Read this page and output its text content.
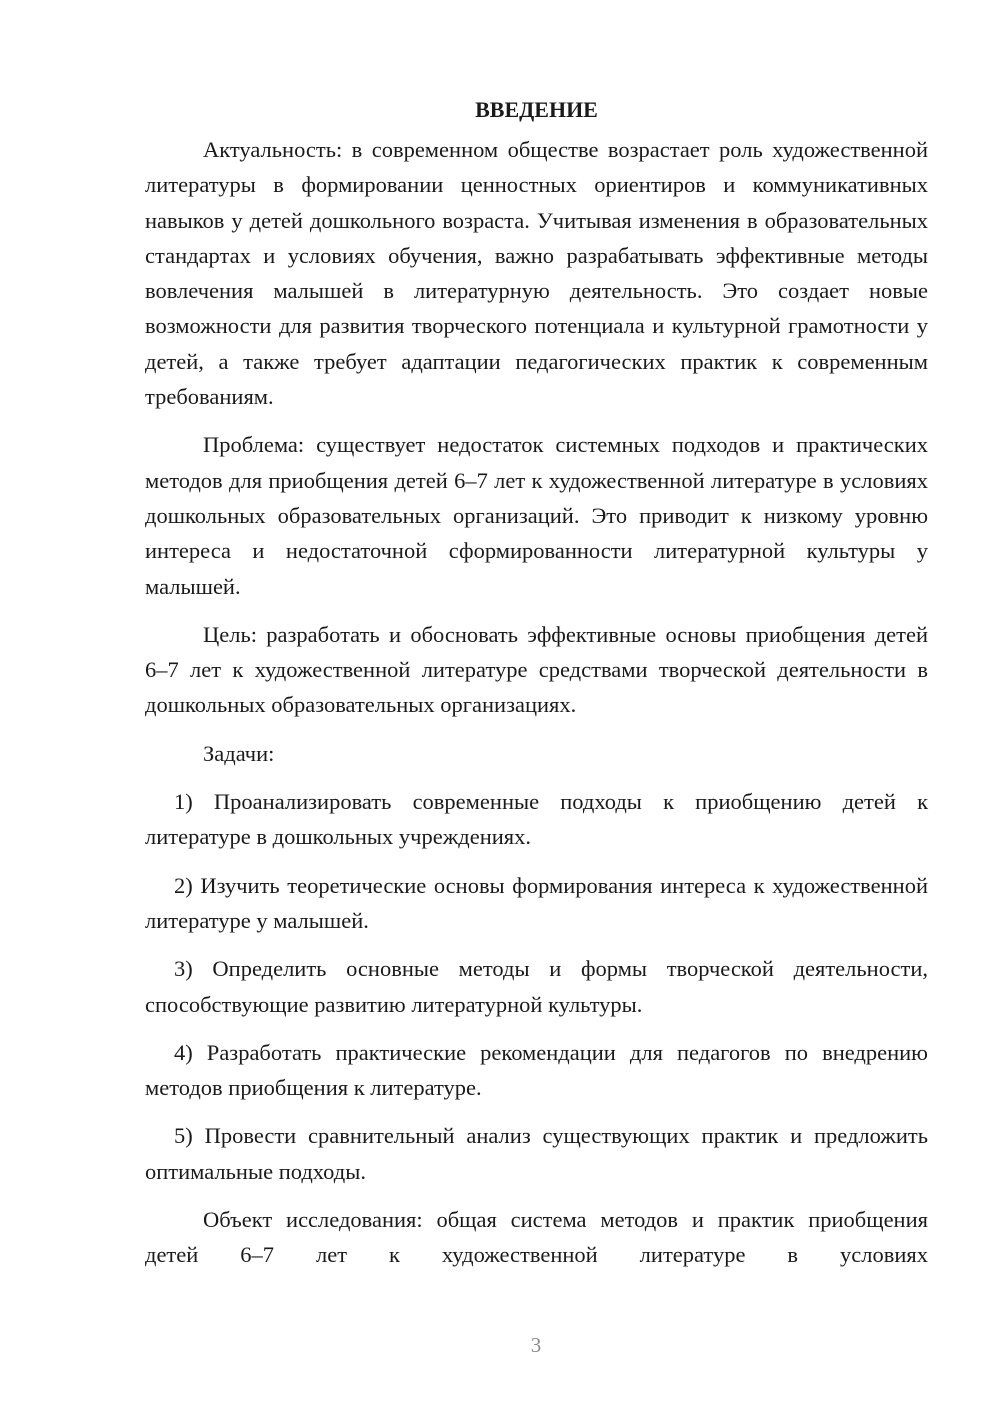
ВВЕДЕНИЕ

Актуальность: в современном обществе возрастает роль художественной литературы в формировании ценностных ориентиров и коммуникативных навыков у детей дошкольного возраста. Учитывая изменения в образовательных стандартах и условиях обучения, важно разрабатывать эффективные методы вовлечения малышей в литературную деятельность. Это создает новые возможности для развития творческого потенциала и культурной грамотности у детей, а также требует адаптации педагогических практик к современным требованиям.

Проблема: существует недостаток системных подходов и практических методов для приобщения детей 6–7 лет к художественной литературе в условиях дошкольных образовательных организаций. Это приводит к низкому уровню интереса и недостаточной сформированности литературной культуры у малышей.

Цель: разработать и обосновать эффективные основы приобщения детей 6–7 лет к художественной литературе средствами творческой деятельности в дошкольных образовательных организациях.

Задачи:

1) Проанализировать современные подходы к приобщению детей к литературе в дошкольных учреждениях.

2) Изучить теоретические основы формирования интереса к художественной литературе у малышей.

3) Определить основные методы и формы творческой деятельности, способствующие развитию литературной культуры.

4) Разработать практические рекомендации для педагогов по внедрению методов приобщения к литературе.

5) Провести сравнительный анализ существующих практик и предложить оптимальные подходы.

Объект исследования: общая система методов и практик приобщения детей 6–7 лет к художественной литературе в условиях

3
